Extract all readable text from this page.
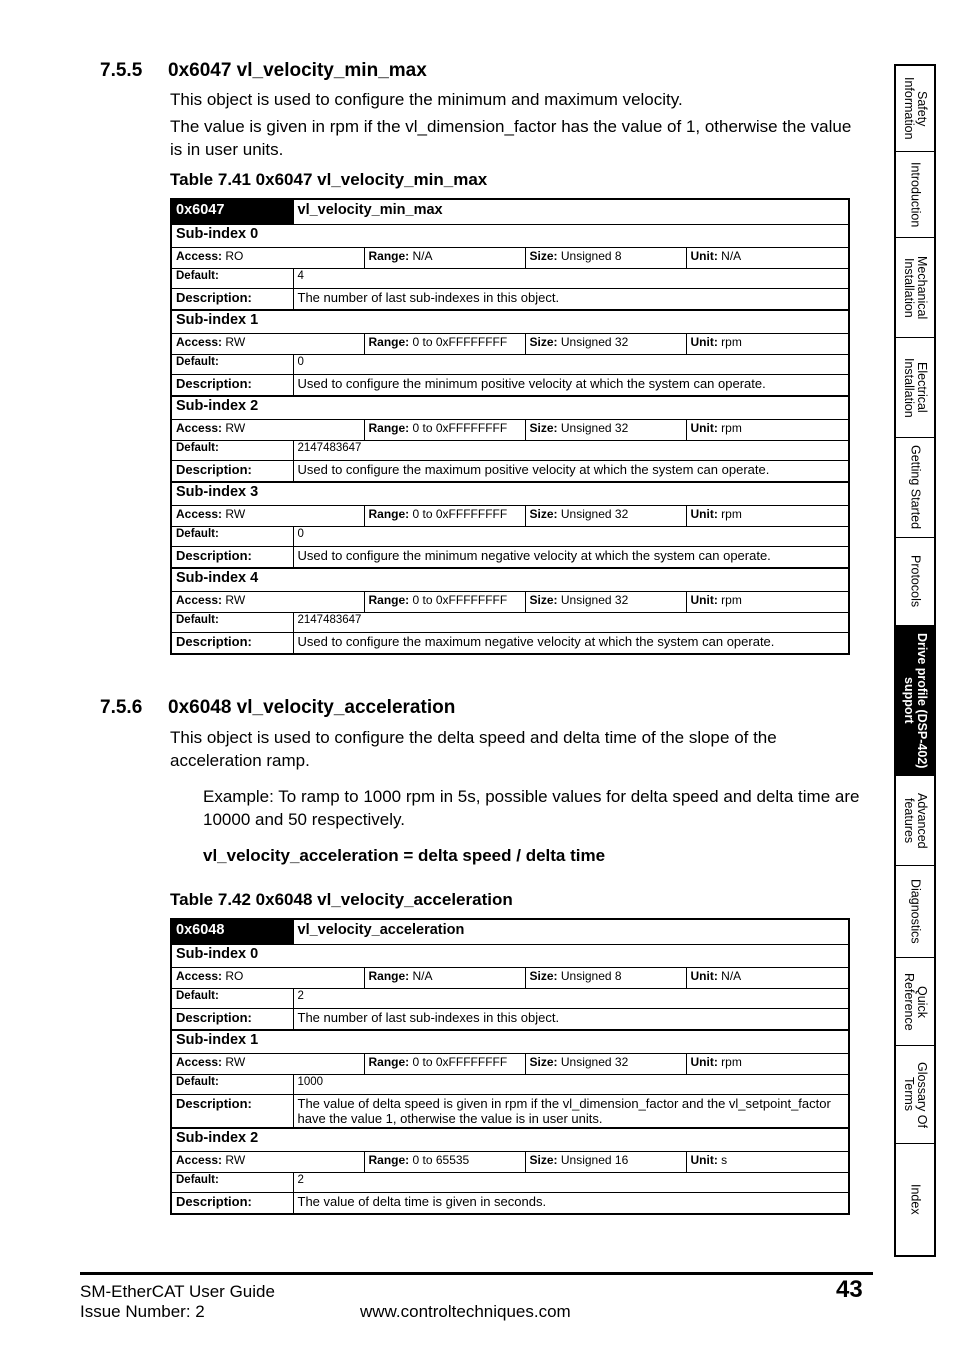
7.5.5 0x6047 vl_velocity_min_max

This object is used to configure the minimum and maximum velocity.

The value is given in rpm if the vl_dimension_factor has the value of 1, otherwise the value is in user units.

Table 7.41 0x6047 vl_velocity_min_max
0x6047	vl_velocity_min_max			
Sub-index 0				
Access: RO		Range: N/A	Size: Unsigned 8	Unit: N/A
Default:	4			
Description:	The number of last sub-indexes in this object.			
Sub-index 1				
Access: RW		Range: 0 to 0xFFFFFFFF	Size: Unsigned 32	Unit: rpm
Default:	0			
Description:	Used to configure the minimum positive velocity at which the system can operate.			
Sub-index 2				
Access: RW		Range: 0 to 0xFFFFFFFF	Size: Unsigned 32	Unit: rpm
Default:	2147483647			
Description:	Used to configure the maximum positive velocity at which the system can operate.			
Sub-index 3				
Access: RW		Range: 0 to 0xFFFFFFFF	Size: Unsigned 32	Unit: rpm
Default:	0			
Description:	Used to configure the minimum negative velocity at which the system can operate.			
Sub-index 4				
Access: RW		Range: 0 to 0xFFFFFFFF	Size: Unsigned 32	Unit: rpm
Default:	2147483647			
Description:	Used to configure the maximum negative velocity at which the system can operate.			
7.5.6 0x6048 vl_velocity_acceleration

This object is used to configure the delta speed and delta time of the slope of the acceleration ramp.

Example: To ramp to 1000 rpm in 5s, possible values for delta speed and delta time are 10000 and 50 respectively.

vl_velocity_acceleration = delta speed / delta time

Table 7.42 0x6048 vl_velocity_acceleration
0x6048	vl_velocity_acceleration			
Sub-index 0				
Access: RO		Range: N/A	Size: Unsigned 8	Unit: N/A
Default:	2			
Description:	The number of last sub-indexes in this object.			
Sub-index 1				
Access: RW		Range: 0 to 0xFFFFFFFF	Size: Unsigned 32	Unit: rpm
Default:	1000			
Description:	The value of delta speed is given in rpm if the vl_dimension_factor and the vl_setpoint_factor have the value 1, otherwise the value is in user units.			
Sub-index 2				
Access: RW		Range: 0 to 65535	Size: Unsigned 16	Unit: s
Default:	2			
Description:	The value of delta time is given in seconds.			
Safety
Information
Introduction
Mechanical
Installation
Electrical
Installation
Getting Started
Protocols
Drive profile (DSP-402)
support
Advanced
features
Diagnostics
Quick
Reference
Glossary Of
Terms
Index
SM-EtherCAT User Guide
Issue Number: 2	www.controltechniques.com
43
